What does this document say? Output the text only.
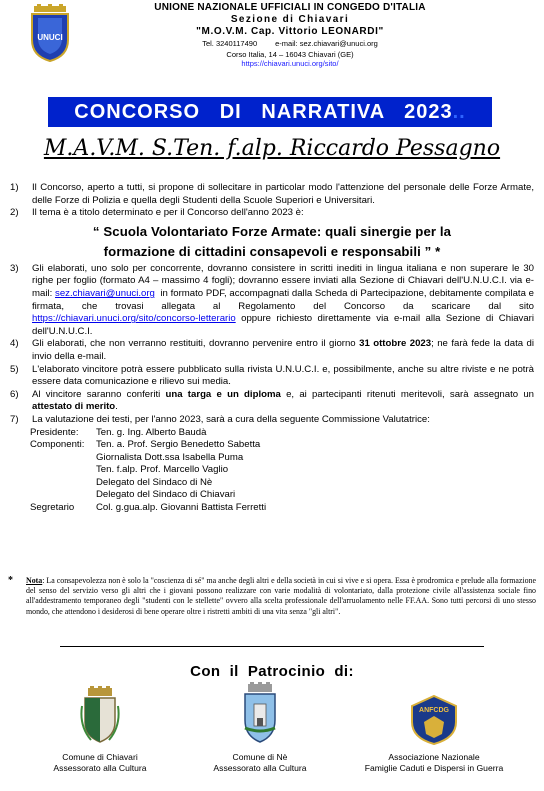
UNUCI
UNIONE NAZIONALE UFFICIALI IN CONGEDO D'ITALIA
Sezione di Chiavari
"M.O.V.M. Cap. Vittorio LEONARDI"
Tel. 3240117490 e-mail: sez.chiavari@unuci.org
Corso Italia, 14 – 16043 Chiavari (GE)
https://chiavari.unuci.org/sito/
CONCORSO   DI   NARRATIVA   2023 ..
M.A.V.M. S.Ten. f.alp. Riccardo Pessagno
1)	Il Concorso, aperto a tutti, si propone di sollecitare in particolar modo l'attenzione del personale delle Forze Armate, delle Forze di Polizia e quella degli Studenti della Scuole Superiori e Universitari.
2)	Il tema è a titolo determinato e per il Concorso dell'anno 2023 è:
“ Scuola Volontariato Forze Armate: quali sinergie per la
formazione di cittadini consapevoli e responsabili ” *
3)	Gli elaborati, uno solo per concorrente, dovranno consistere in scritti inediti in lingua italiana e non superare le 30 righe per foglio (formato A4 – massimo 4 fogli); dovranno essere inviati alla Sezione di Chiavari dell'U.N.U.C.I. via e-mail: sez.chiavari@unuci.org  in formato PDF, accompagnati dalla Scheda di Partecipazione, debitamente compilata e firmata, che trovasi allegata al Regolamento del Concorso da scaricare dal sito https://chiavari.unuci.org/sito/concorso-letterario oppure richiesto direttamente via e-mail alla Sezione di Chiavari dell'U.N.U.C.I.
4)	Gli elaborati, che non verranno restituiti, dovranno pervenire entro il giorno 31 ottobre 2023; ne farà fede la data di invio della e-mail.
5)	L'elaborato vincitore potrà essere pubblicato sulla rivista U.N.U.C.I. e, possibilmente, anche su altre riviste e ne potrà essere data comunicazione e rilievo sui media.
6)	Al vincitore saranno conferiti una targa e un diploma e, ai partecipanti ritenuti meritevoli, sarà assegnato un attestato di merito.
7)	La valutazione dei testi, per l'anno 2023, sarà a cura della seguente Commissione Valutatrice:
Presidente:	Ten. g. Ing. Alberto Baudà
Componenti:	Ten. a. Prof. Sergio Benedetto Sabetta
Giornalista Dott.ssa Isabella Puma
Ten. f.alp. Prof. Marcello Vaglio
Delegato del Sindaco di Nè
Delegato del Sindaco di Chiavari
Segretario	Col. g.gua.alp. Giovanni Battista Ferretti
*	Nota: La consapevolezza non è solo la "coscienza di sé" ma anche degli altri e della società in cui si vive e si opera. Essa è prodromica e prelude alla formazione del senso del servizio verso gli altri che i giovani possono realizzare con varie modalità di volontariato, dalla protezione civile all'assistenza sociale fino all'addestramento temporaneo degli "studenti con le stellette" ovvero alla scelta professionale dell'arruolamento nelle FF.AA. Sono tutti percorsi di uno stesso mondo, che attendono i desiderosi di bene operare oltre i ristretti ambiti di una vita senza "gli altri".
Con  il  Patrocinio  di:
Comune di Chiavari
Assessorato alla Cultura
Comune di Nè
Assessorato alla Cultura
ANFCDG
Associazione Nazionale
Famiglie Caduti e Dispersi in Guerra
